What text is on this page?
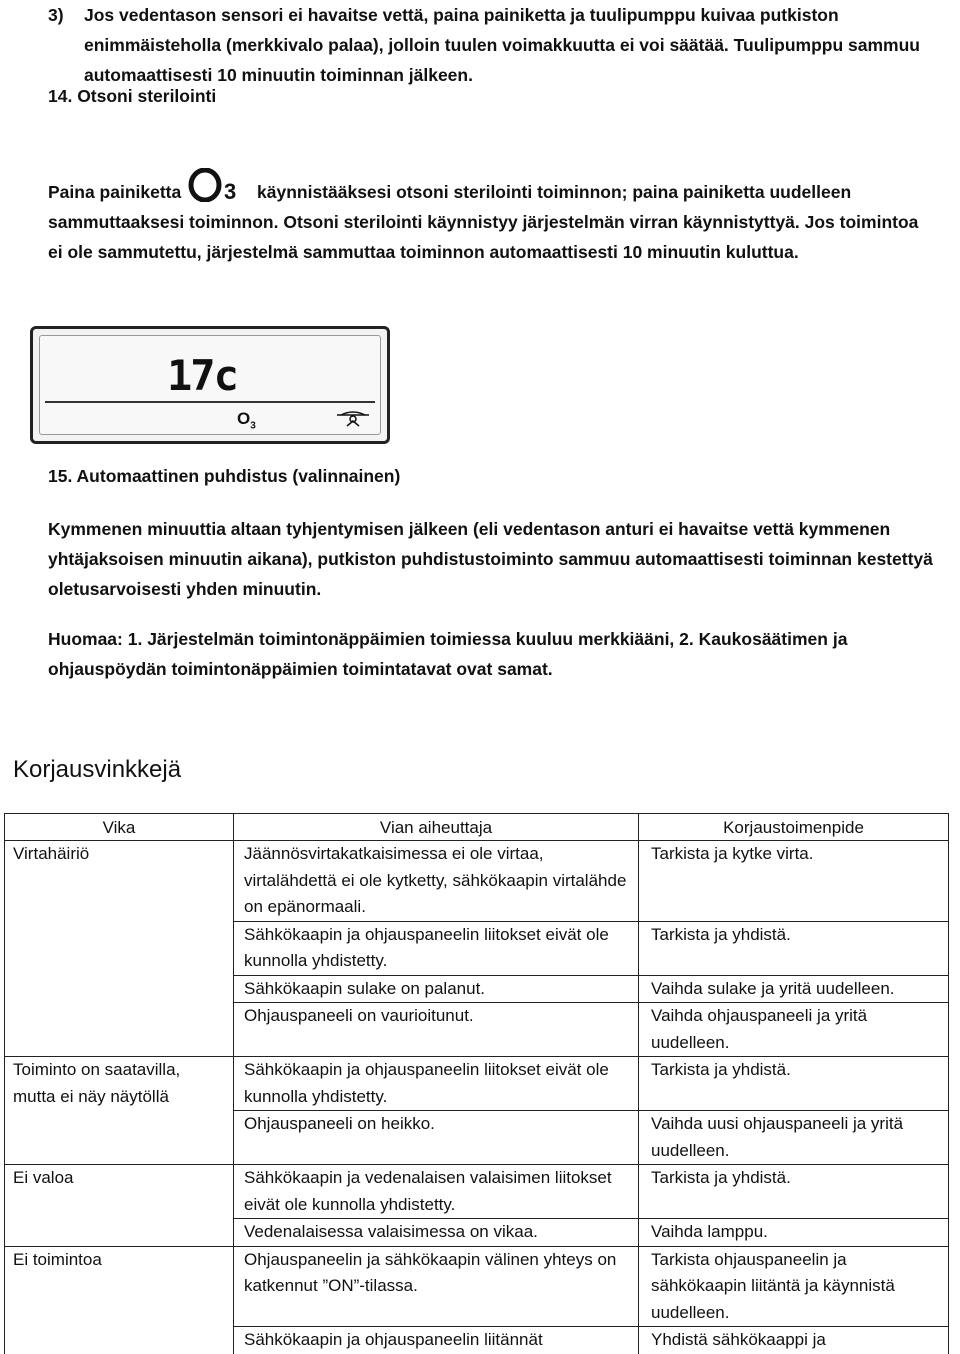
3) Jos vedentason sensori ei havaitse vettä, paina painiketta ja tuulipumppu kuivaa putkiston enimmäisteholla (merkkivalo palaa), jolloin tuulen voimakkuutta ei voi säätää. Tuulipumppu sammuu automaattisesti 10 minuutin toiminnan jälkeen.
14. Otsoni sterilointi
Paina painiketta 3 käynnistääksesi otsoni sterilointi toiminnon; paina painiketta uudelleen sammuttaaksesi toiminnon. Otsoni sterilointi käynnistyy järjestelmän virran käynnistyttyä. Jos toimintoa ei ole sammutettu, järjestelmä sammuttaa toiminnon automaattisesti 10 minuutin kuluttua.
17c
$O_3$
15. Automaattinen puhdistus (valinnainen)
Kymmenen minuuttia altaan tyhjentymisen jälkeen (eli vedentason anturi ei havaitse vettä kymmenen yhtäjaksoisen minuutin aikana), putkiston puhdistustoiminto sammuu automaattisesti toiminnan kestettyä oletusarvoisesti yhden minuutin.
Huomaa: 1. Järjestelmän toimintonäppäimien toimiessa kuuluu merkkiääni, 2. Kaukosäätimen ja ohjauspöydän toimintonäppäimien toimintatavat ovat samat.
Korjausvinkkejä
Vika	Vian aiheuttaja	Korjaustoimenpide
Virtahäiriö	Jäännösvirtakatkaisimessa ei ole virtaa, virtalähdettä ei ole kytketty, sähkökaapin virtalähde on epänormaali.	Tarkista ja kytke virta.
	Sähkökaapin ja ohjauspaneelin liitokset eivät ole kunnolla yhdistetty.	Tarkista ja yhdistä.
	Sähkökaapin sulake on palanut.	Vaihda sulake ja yritä uudelleen.
	Ohjauspaneeli on vaurioitunut.	Vaihda ohjauspaneeli ja yritä uudelleen.
Toiminto on saatavilla, mutta ei näy näytöllä	Sähkökaapin ja ohjauspaneelin liitokset eivät ole kunnolla yhdistetty.	Tarkista ja yhdistä.
	Ohjauspaneeli on heikko.	Vaihda uusi ohjauspaneeli ja yritä uudelleen.
Ei valoa	Sähkökaapin ja vedenalaisen valaisimen liitokset eivät ole kunnolla yhdistetty.	Tarkista ja yhdistä.
	Vedenalaisessa valaisimessa on vikaa.	Vaihda lamppu.
Ei toimintoa	Ohjauspaneelin ja sähkökaapin välinen yhteys on katkennut ”ON”-tilassa.	Tarkista ohjauspaneelin ja sähkökaapin liitäntä ja käynnistä uudelleen.
	Sähkökaapin ja ohjauspaneelin liitännät	Yhdistä sähkökaappi ja
